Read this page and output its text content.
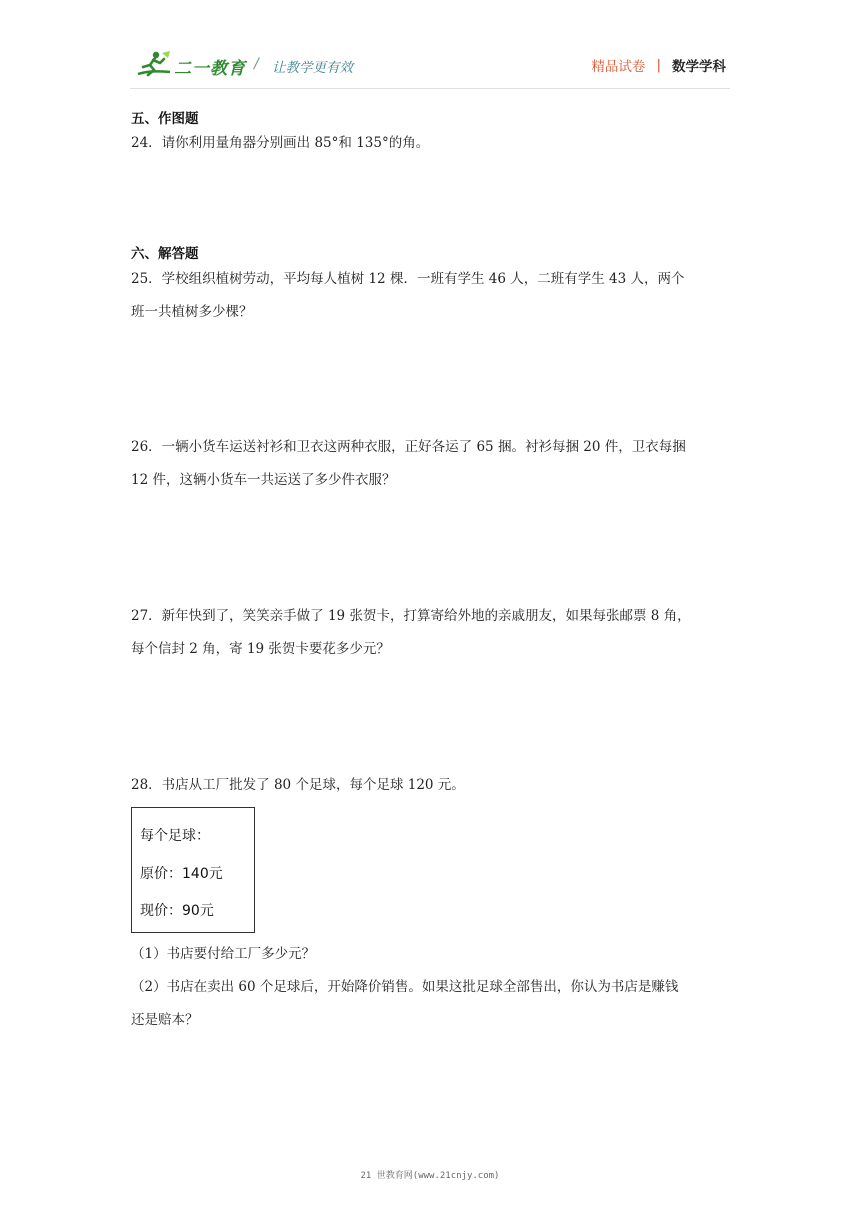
二一教育 / 让教学更有效	精品试卷 | 数学学科
五、作图题
24．请你利用量角器分别画出 85°和 135°的角。
六、解答题
25．学校组织植树劳动，平均每人植树 12 棵．一班有学生 46 人，二班有学生 43 人，两个
班一共植树多少棵？
26．一辆小货车运送衬衫和卫衣这两种衣服，正好各运了 65 捆。衬衫每捆 20 件，卫衣每捆
12 件，这辆小货车一共运送了多少件衣服？
27．新年快到了，笑笑亲手做了 19 张贺卡，打算寄给外地的亲戚朋友，如果每张邮票 8 角，
每个信封 2 角，寄 19 张贺卡要花多少元？
28．书店从工厂批发了 80 个足球，每个足球 120 元。
每个足球：
原价：140元
现价：90元
（1）书店要付给工厂多少元？
（2）书店在卖出 60 个足球后，开始降价销售。如果这批足球全部售出，你认为书店是赚钱
还是赔本？
21 世教育网(www.21cnjy.com)
